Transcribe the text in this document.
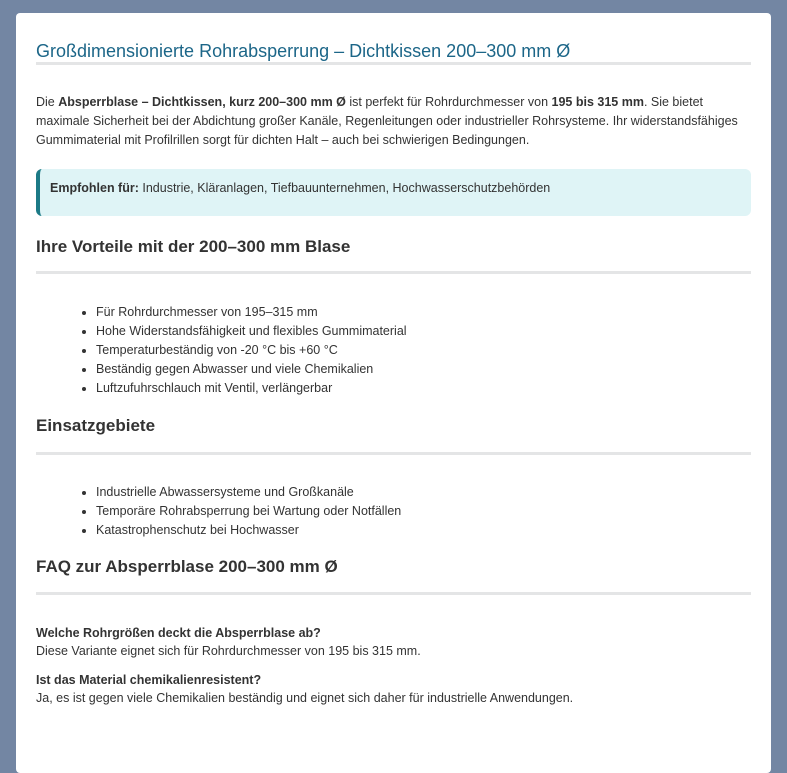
Großdimensionierte Rohrabsperrung – Dichtkissen 200–300 mm Ø

Die Absperrblase – Dichtkissen, kurz 200–300 mm Ø ist perfekt für Rohrdurchmesser von 195 bis 315 mm. Sie bietet maximale Sicherheit bei der Abdichtung großer Kanäle, Regenleitungen oder industrieller Rohrsysteme. Ihr widerstandsfähiges Gummimaterial mit Profilrillen sorgt für dichten Halt – auch bei schwierigen Bedingungen.

Empfohlen für: Industrie, Kläranlagen, Tiefbauunternehmen, Hochwasserschutzbehörden
Ihre Vorteile mit der 200–300 mm Blase
• Für Rohrdurchmesser von 195–315 mm
• Hohe Widerstandsfähigkeit und flexibles Gummimaterial
• Temperaturbeständig von -20 °C bis +60 °C
• Beständig gegen Abwasser und viele Chemikalien
• Luftzufuhrschlauch mit Ventil, verlängerbar
Einsatzgebiete
• Industrielle Abwassersysteme und Großkanäle
• Temporäre Rohrabsperrung bei Wartung oder Notfällen
• Katastrophenschutz bei Hochwasser
FAQ zur Absperrblase 200–300 mm Ø

Welche Rohrgrößen deckt die Absperrblase ab?

Diese Variante eignet sich für Rohrdurchmesser von 195 bis 315 mm.

Ist das Material chemikalienresistent?

Ja, es ist gegen viele Chemikalien beständig und eignet sich daher für industrielle Anwendungen.
